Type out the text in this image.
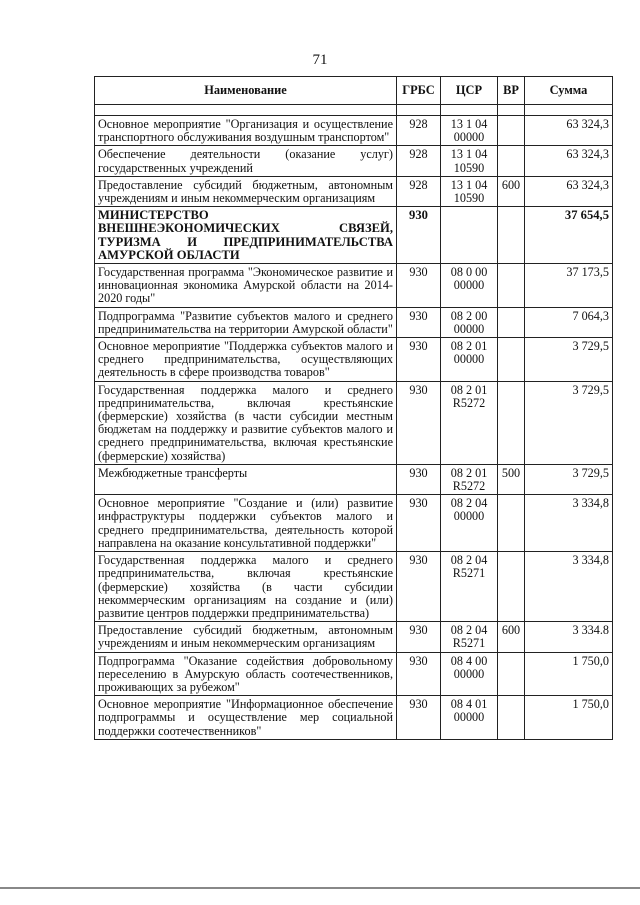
71
Наименование	ГРБС	ЦСР	ВР	Сумма

Основное мероприятие "Организация и осуществление транспортного обслуживания воздушным транспортом"	928	13 1 04 00000		63 324,3
Обеспечение деятельности (оказание услуг) государственных учреждений	928	13 1 04 10590		63 324,3
Предоставление субсидий бюджетным, автономным учреждениям и иным некоммерческим организациям	928	13 1 04 10590	600	63 324,3
МИНИСТЕРСТВО ВНЕШНЕЭКОНОМИЧЕСКИХ СВЯЗЕЙ, ТУРИЗМА И ПРЕДПРИНИМАТЕЛЬСТВА АМУРСКОЙ ОБЛАСТИ	930			37 654,5
Государственная программа "Экономическое развитие и инновационная экономика Амурской области на 2014-2020 годы"	930	08 0 00 00000		37 173,5
Подпрограмма "Развитие субъектов малого и среднего предпринимательства на территории Амурской области"	930	08 2 00 00000		7 064,3
Основное мероприятие "Поддержка субъектов малого и среднего предпринимательства, осуществляющих деятельность в сфере производства товаров"	930	08 2 01 00000		3 729,5
Государственная поддержка малого и среднего предпринимательства, включая крестьянские (фермерские) хозяйства (в части субсидии местным бюджетам на поддержку и развитие субъектов малого и среднего предпринимательства, включая крестьянские (фермерские) хозяйства)	930	08 2 01 R5272		3 729,5
Межбюджетные трансферты	930	08 2 01 R5272	500	3 729,5
Основное мероприятие "Создание и (или) развитие инфраструктуры поддержки субъектов малого и среднего предпринимательства, деятельность которой направлена на оказание консультативной поддержки"	930	08 2 04 00000		3 334,8
Государственная поддержка малого и среднего предпринимательства, включая крестьянские (фермерские) хозяйства (в части субсидии некоммерческим организациям на создание и (или) развитие центров поддержки предпринимательства)	930	08 2 04 R5271		3 334,8
Предоставление субсидий бюджетным, автономным учреждениям и иным некоммерческим организациям	930	08 2 04 R5271	600	3 334.8
Подпрограмма "Оказание содействия добровольному переселению в Амурскую область соотечественников, проживающих за рубежом"	930	08 4 00 00000		1 750,0
Основное мероприятие "Информационное обеспечение подпрограммы и осуществление мер социальной поддержки соотечественников"	930	08 4 01 00000		1 750,0
